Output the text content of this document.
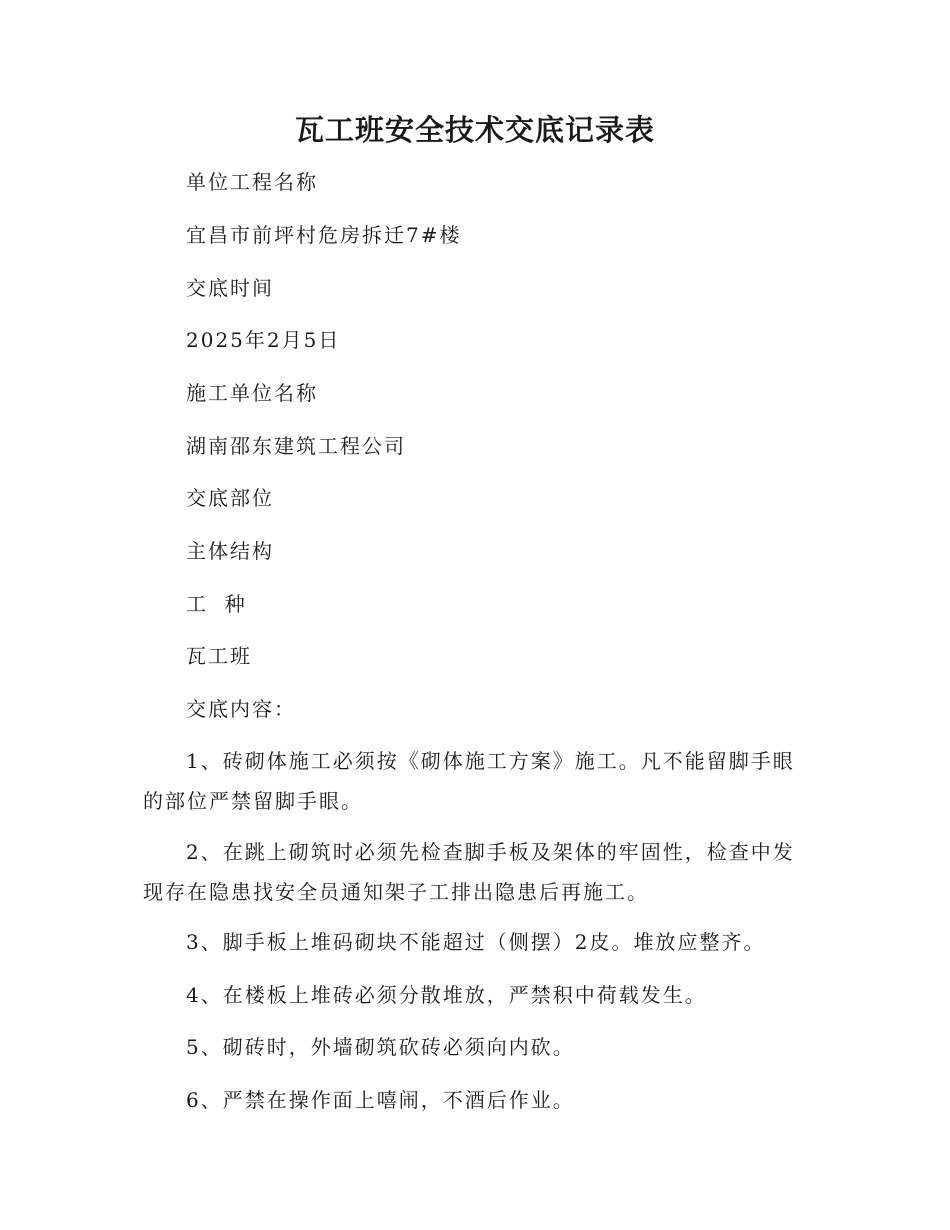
瓦工班安全技术交底记录表
单位工程名称
宜昌市前坪村危房拆迁7#楼
交底时间
2025年2月5日
施工单位名称
湖南邵东建筑工程公司
交底部位
主体结构
工  种
瓦工班
交底内容：
1、砖砌体施工必须按《砌体施工方案》施工。凡不能留脚手眼的部位严禁留脚手眼。
2、在跳上砌筑时必须先检查脚手板及架体的牢固性，检查中发现存在隐患找安全员通知架子工排出隐患后再施工。
3、脚手板上堆码砌块不能超过（侧摆）2皮。堆放应整齐。
4、在楼板上堆砖必须分散堆放，严禁积中荷载发生。
5、砌砖时，外墙砌筑砍砖必须向内砍。
6、严禁在操作面上嘻闹，不酒后作业。
